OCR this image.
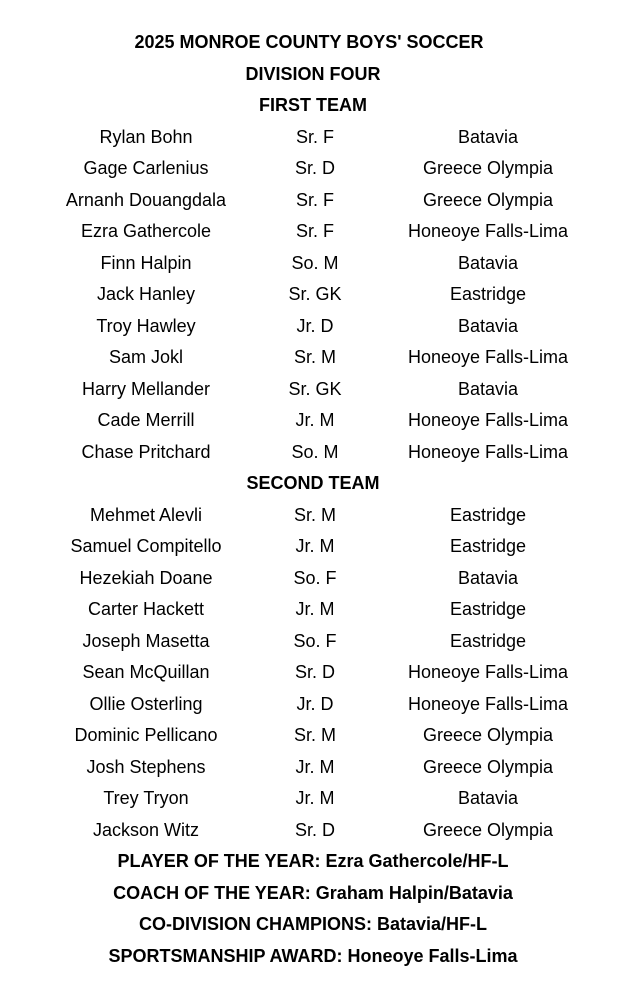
2025 MONROE COUNTY BOYS' SOCCER
DIVISION FOUR
FIRST TEAM
Rylan Bohn	Sr. F	Batavia
Gage Carlenius	Sr. D	Greece Olympia
Arnanh Douangdala	Sr. F	Greece Olympia
Ezra Gathercole	Sr. F	Honeoye Falls-Lima
Finn Halpin	So. M	Batavia
Jack Hanley	Sr. GK	Eastridge
Troy Hawley	Jr. D	Batavia
Sam Jokl	Sr. M	Honeoye Falls-Lima
Harry Mellander	Sr. GK	Batavia
Cade Merrill	Jr. M	Honeoye Falls-Lima
Chase Pritchard	So. M	Honeoye Falls-Lima
SECOND TEAM
Mehmet Alevli	Sr. M	Eastridge
Samuel Compitello	Jr. M	Eastridge
Hezekiah Doane	So. F	Batavia
Carter Hackett	Jr. M	Eastridge
Joseph Masetta	So. F	Eastridge
Sean McQuillan	Sr. D	Honeoye Falls-Lima
Ollie Osterling	Jr. D	Honeoye Falls-Lima
Dominic Pellicano	Sr. M	Greece Olympia
Josh Stephens	Jr. M	Greece Olympia
Trey Tryon	Jr. M	Batavia
Jackson Witz	Sr. D	Greece Olympia
PLAYER OF THE YEAR: Ezra Gathercole/HF-L
COACH OF THE YEAR: Graham Halpin/Batavia
CO-DIVISION CHAMPIONS: Batavia/HF-L
SPORTSMANSHIP AWARD: Honeoye Falls-Lima
